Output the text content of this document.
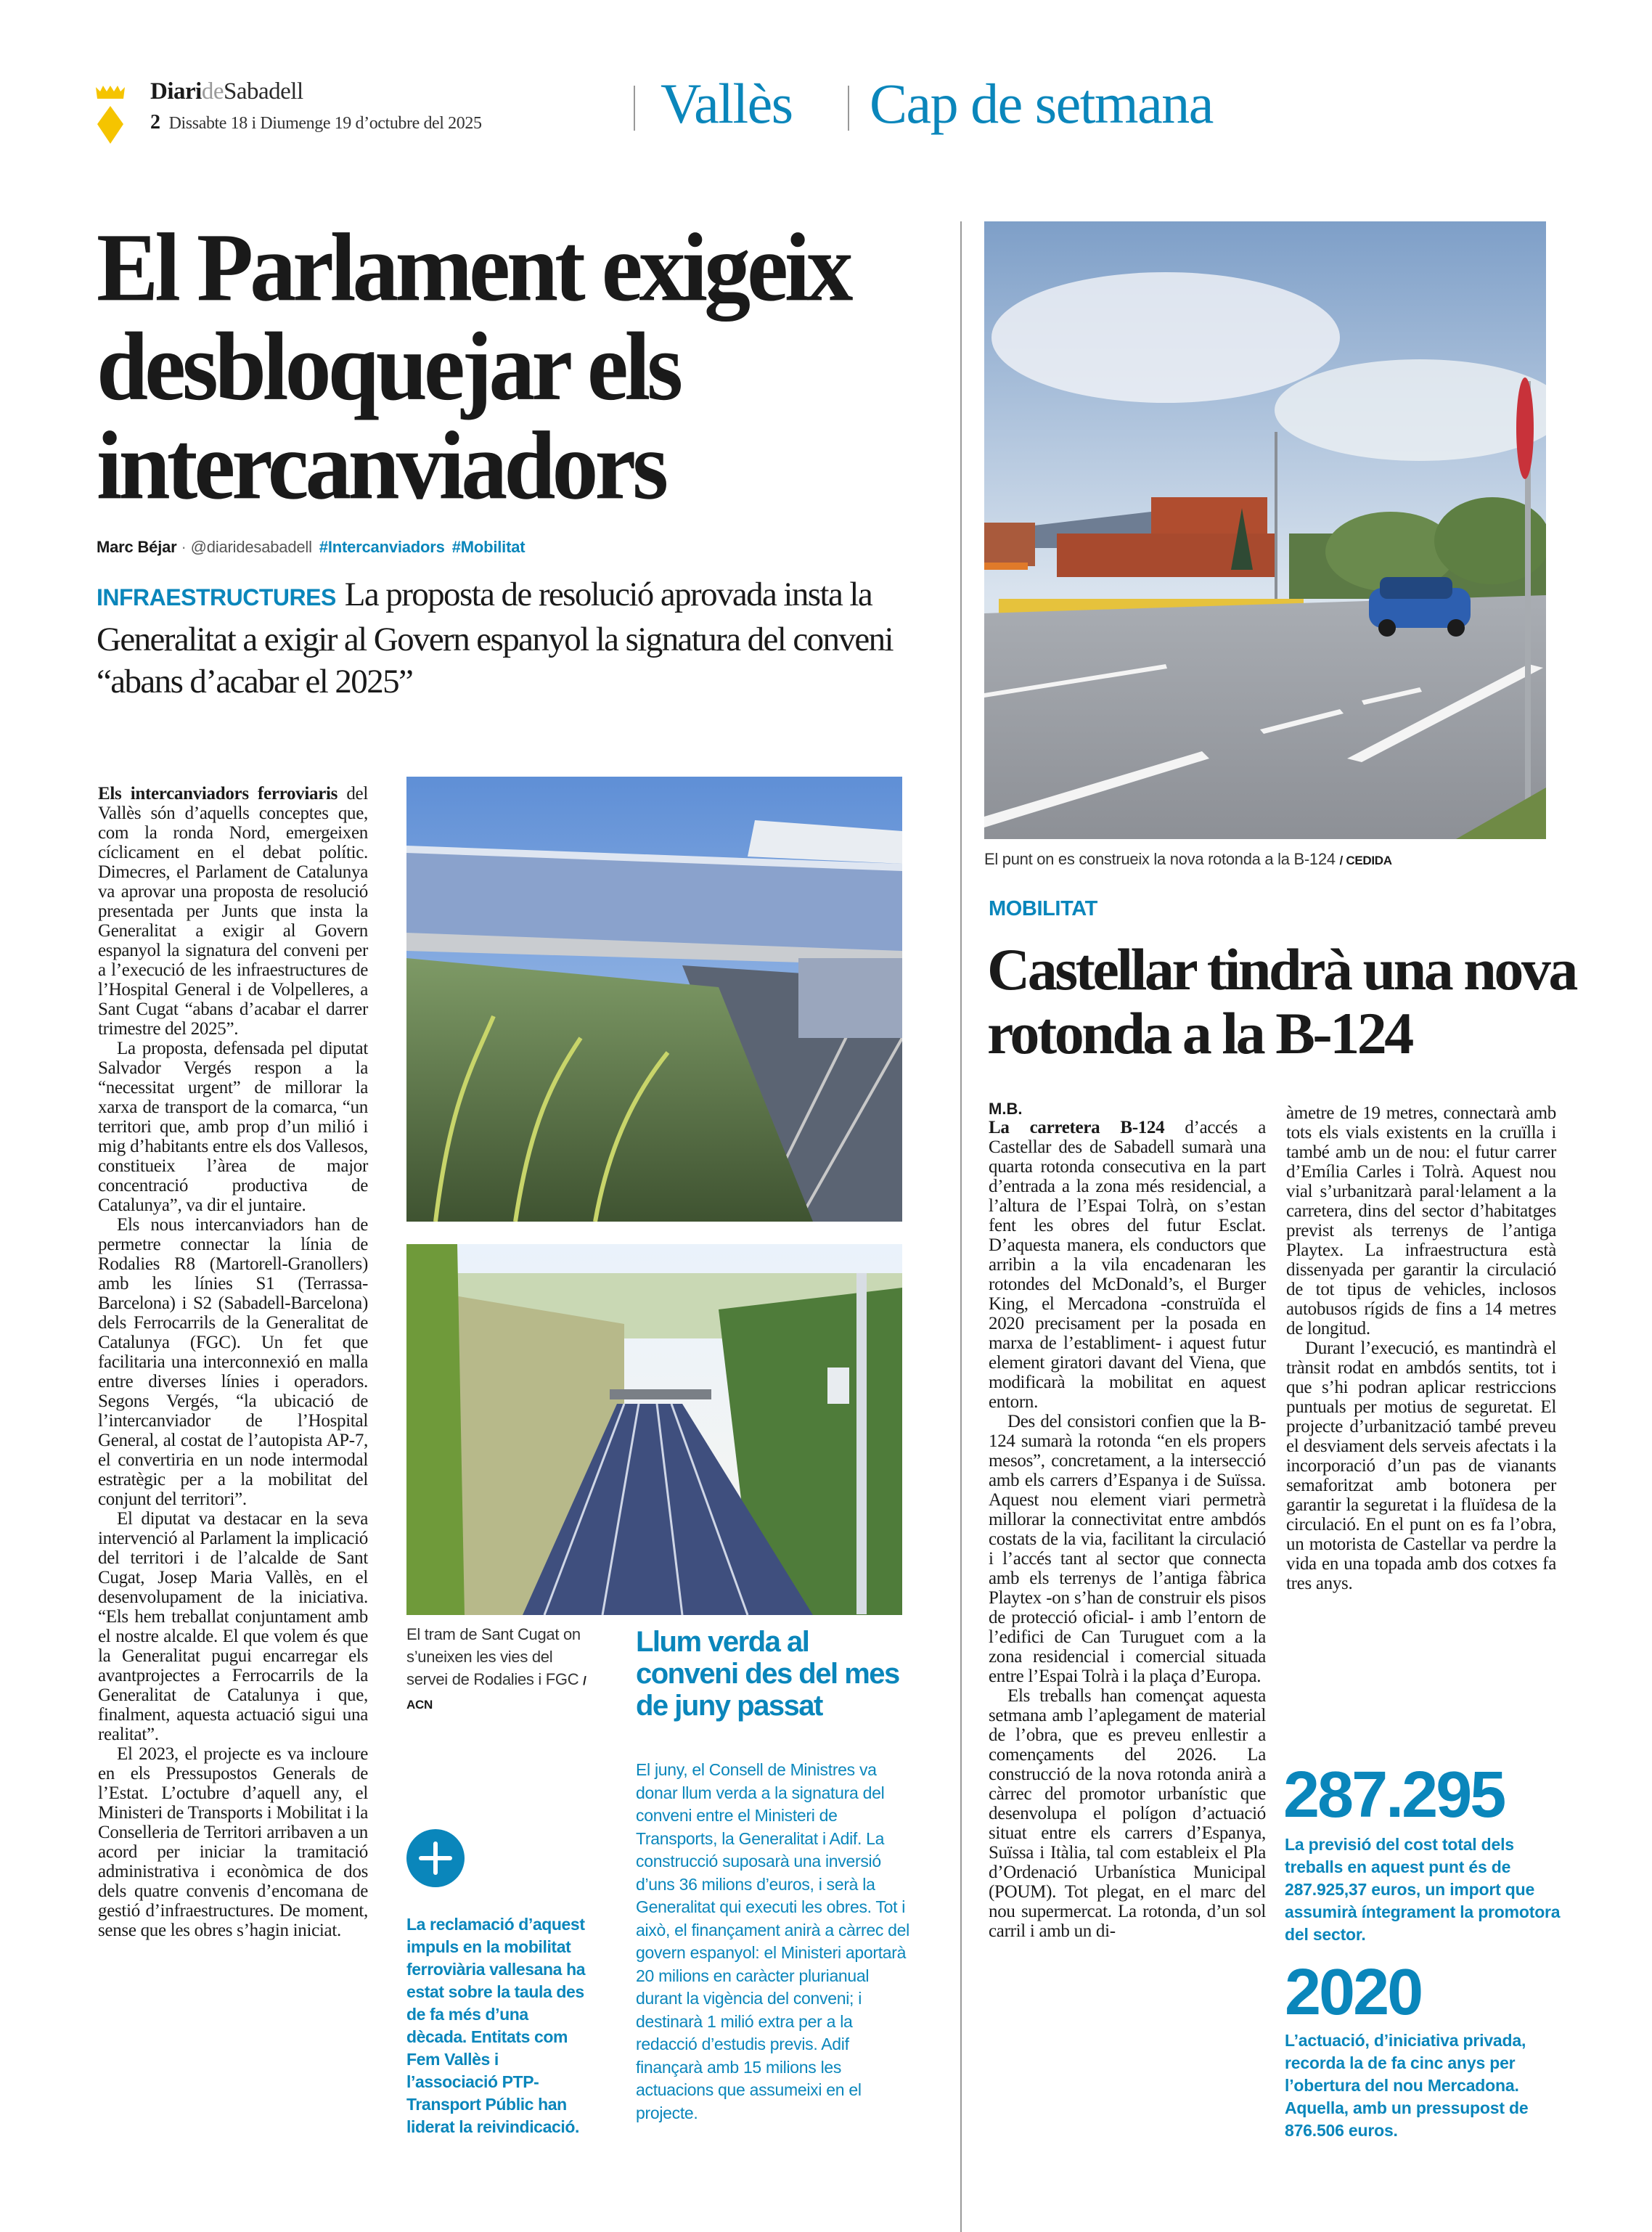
DiarideSabadell
2 Dissabte 18 i Diumenge 19 d’octubre del 2025	Vallès Cap de setmana
El Parlament exigeix desbloquejar els intercanviadors
Marc Béjar · @diaridesabadell #Intercanviadors #Mobilitat
INFRAESTRUCTURES La proposta de resolució aprovada insta la Generalitat a exigir al Govern espanyol la signatura del conveni “abans d’acabar el 2025”

Els intercanviadors ferroviaris del Vallès són d’aquells conceptes que, com la ronda Nord, emergeixen cíclicament en el debat polític. Dimecres, el Parlament de Catalunya va aprovar una proposta de resolució presentada per Junts que insta la Generalitat a exigir al Govern espanyol la signatura del conveni per a l’execució de les infraestructures de l’Hospital General i de Volpelleres, a Sant Cugat “abans d’acabar el darrer trimestre del 2025”.

La proposta, defensada pel diputat Salvador Vergés respon a la “necessitat urgent” de millorar la xarxa de transport de la comarca, “un territori que, amb prop d’un milió i mig d’habitants entre els dos Vallesos, constitueix l’àrea de major concentració productiva de Catalunya”, va dir el juntaire.

Els nous intercanviadors han de permetre connectar la línia de Rodalies R8 (Martorell-Granollers) amb les línies S1 (Terrassa-Barcelona) i S2 (Sabadell-Barcelona) dels Ferrocarrils de la Generalitat de Catalunya (FGC). Un fet que facilitaria una interconnexió en malla entre diverses línies i operadors. Segons Vergés, “la ubicació de l’intercanviador de l’Hospital General, al costat de l’autopista AP-7, el convertiria en un node intermodal estratègic per a la mobilitat del conjunt del territori”.

El diputat va destacar en la seva intervenció al Parlament la implicació del territori i de l’alcalde de Sant Cugat, Josep Maria Vallès, en el desenvolupament de la iniciativa. “Els hem treballat conjuntament amb el nostre alcalde. El que volem és que la Generalitat pugui encarregar els avantprojectes a Ferrocarrils de la Generalitat de Catalunya i que, finalment, aquesta actuació sigui una realitat”.

El 2023, el projecte es va incloure en els Pressupostos Generals de l’Estat. L’octubre d’aquell any, el Ministeri de Transports i Mobilitat i la Conselleria de Territori arribaven a un acord per iniciar la tramitació administrativa i econòmica de dos dels quatre convenis d’encomana de gestió d’infraestructures. De moment, sense que les obres s’hagin iniciat.

El tram de Sant Cugat on s’uneixen les vies del servei de Rodalies i FGC / ACN
La reclamació d’aquest impuls en la mobilitat ferroviària vallesana ha estat sobre la taula des de fa més d’una dècada. Entitats com Fem Vallès i l’associació PTP-Transport Públic han liderat la reivindicació.
Llum verda al conveni des del mes de juny passat
El juny, el Consell de Ministres va donar llum verda a la signatura del conveni entre el Ministeri de Transports, la Generalitat i Adif. La construcció suposarà una inversió d’uns 36 milions d’euros, i serà la Generalitat qui executi les obres. Tot i això, el finançament anirà a càrrec del govern espanyol: el Ministeri aportarà 20 milions en caràcter plurianual durant la vigència del conveni; i destinarà 1 milió extra per a la redacció d’estudis previs. Adif finançarà amb 15 milions les actuacions que assumeixi en el projecte.
El punt on es construeix la nova rotonda a la B-124 / CEDIDA
MOBILITAT
Castellar tindrà una nova rotonda a la B-124
M.B.

La carretera B-124 d’accés a Castellar des de Sabadell sumarà una quarta rotonda consecutiva en la part d’entrada a la zona més residencial, a l’altura de l’Espai Tolrà, on s’estan fent les obres del futur Esclat. D’aquesta manera, els conductors que arribin a la vila encadenaran les rotondes del McDonald’s, el Burger King, el Mercadona -construïda el 2020 precisament per la posada en marxa de l’establiment- i aquest futur element giratori davant del Viena, que modificarà la mobilitat en aquest entorn.

Des del consistori confien que la B-124 sumarà la rotonda “en els propers mesos”, concretament, a la intersecció amb els carrers d’Espanya i de Suïssa. Aquest nou element viari permetrà millorar la connectivitat entre ambdós costats de la via, facilitant la circulació i l’accés tant al sector que connecta amb els terrenys de l’antiga fàbrica Playtex -on s’han de construir els pisos de protecció oficial- i amb l’entorn de l’edifici de Can Turuguet com a la zona residencial i comercial situada entre l’Espai Tolrà i la plaça d’Europa.

Els treballs han començat aquesta setmana amb l’aplegament de material de l’obra, que es preveu enllestir a començaments del 2026. La construcció de la nova rotonda anirà a càrrec del promotor urbanístic que desenvolupa el polígon d’actuació situat entre els carrers d’Espanya, Suïssa i Itàlia, tal com estableix el Pla d’Ordenació Urbanística Municipal (POUM). Tot plegat, en el marc del nou supermercat. La rotonda, d’un sol carril i amb un di-

àmetre de 19 metres, connectarà amb tots els vials existents en la cruïlla i també amb un de nou: el futur carrer d’Emília Carles i Tolrà. Aquest nou vial s’urbanitzarà paral·lelament a la carretera, dins del sector d’habitatges previst als terrenys de l’antiga Playtex. La infraestructura està dissenyada per garantir la circulació de tot tipus de vehicles, inclosos autobusos rígids de fins a 14 metres de longitud.

Durant l’execució, es mantindrà el trànsit rodat en ambdós sentits, tot i que s’hi podran aplicar restriccions puntuals per motius de seguretat. El projecte d’urbanització també preveu el desviament dels serveis afectats i la incorporació d’un pas de vianants semaforitzat amb botonera per garantir la seguretat i la fluïdesa de la circulació. En el punt on es fa l’obra, un motorista de Castellar va perdre la vida en una topada amb dos cotxes fa tres anys.

287.295
La previsió del cost total dels treballs en aquest punt és de 287.925,37 euros, un import que assumirà íntegrament la promotora del sector.
2020
L’actuació, d’iniciativa privada, recorda la de fa cinc anys per l’obertura del nou Mercadona. Aquella, amb un pressupost de 876.506 euros.
